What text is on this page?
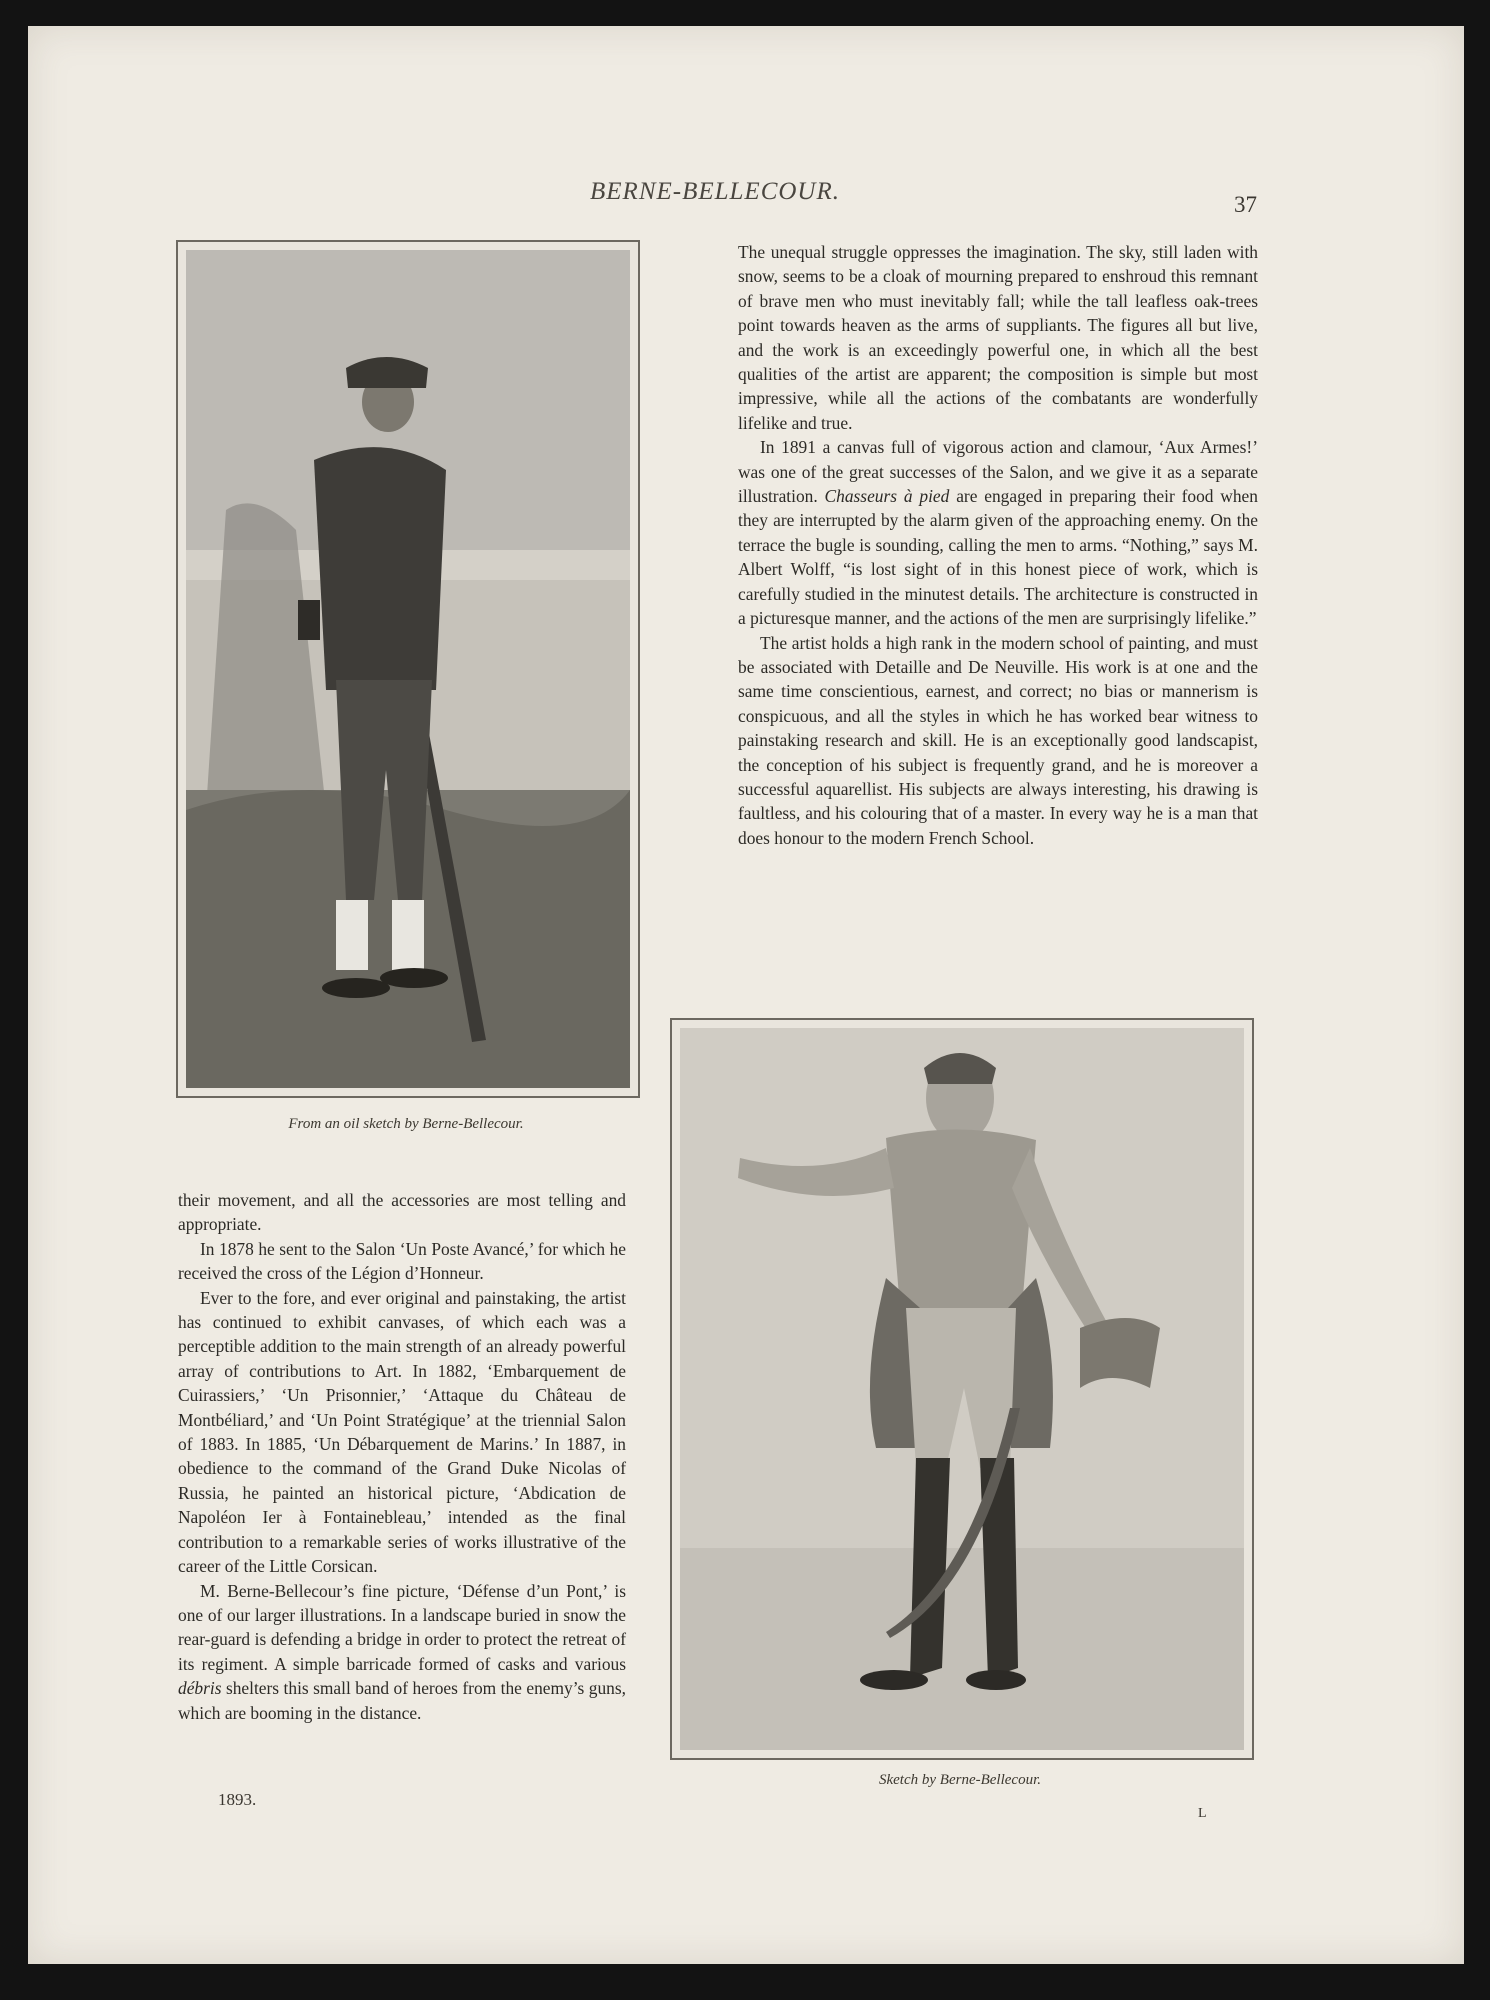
BERNE-BELLECOUR.	37
From an oil sketch by Berne-Bellecour.
Sketch by Berne-Bellecour.

The unequal struggle oppresses the imagination. The sky, still laden with snow, seems to be a cloak of mourning prepared to enshroud this remnant of brave men who must inevitably fall; while the tall leafless oak-trees point towards heaven as the arms of suppliants. The figures all but live, and the work is an exceedingly powerful one, in which all the best qualities of the artist are apparent; the composition is simple but most impressive, while all the actions of the combatants are wonderfully lifelike and true.

In 1891 a canvas full of vigorous action and clamour, ‘Aux Armes!’ was one of the great successes of the Salon, and we give it as a separate illustration. Chasseurs à pied are engaged in preparing their food when they are interrupted by the alarm given of the approaching enemy. On the terrace the bugle is sounding, calling the men to arms. “Nothing,” says M. Albert Wolff, “is lost sight of in this honest piece of work, which is carefully studied in the minutest details. The architecture is constructed in a picturesque manner, and the actions of the men are surprisingly lifelike.”

The artist holds a high rank in the modern school of painting, and must be associated with Detaille and De Neuville. His work is at one and the same time conscientious, earnest, and correct; no bias or mannerism is conspicuous, and all the styles in which he has worked bear witness to painstaking research and skill. He is an exceptionally good landscapist, the conception of his subject is frequently grand, and he is moreover a successful aquarellist. His subjects are always interesting, his drawing is faultless, and his colouring that of a master. In every way he is a man that does honour to the modern French School.

their movement, and all the accessories are most telling and appropriate.

In 1878 he sent to the Salon ‘Un Poste Avancé,’ for which he received the cross of the Légion d’Honneur.

Ever to the fore, and ever original and painstaking, the artist has continued to exhibit canvases, of which each was a perceptible addition to the main strength of an already powerful array of contributions to Art. In 1882, ‘Embarquement de Cuirassiers,’ ‘Un Prisonnier,’ ‘Attaque du Château de Montbéliard,’ and ‘Un Point Stratégique’ at the triennial Salon of 1883. In 1885, ‘Un Débarquement de Marins.’ In 1887, in obedience to the command of the Grand Duke Nicolas of Russia, he painted an historical picture, ‘Abdication de Napoléon Ier à Fontainebleau,’ intended as the final contribution to a remarkable series of works illustrative of the career of the Little Corsican.

M. Berne-Bellecour’s fine picture, ‘Défense d’un Pont,’ is one of our larger illustrations. In a landscape buried in snow the rear-guard is defending a bridge in order to protect the retreat of its regiment. A simple barricade formed of casks and various débris shelters this small band of heroes from the enemy’s guns, which are booming in the distance.

1893.
L
